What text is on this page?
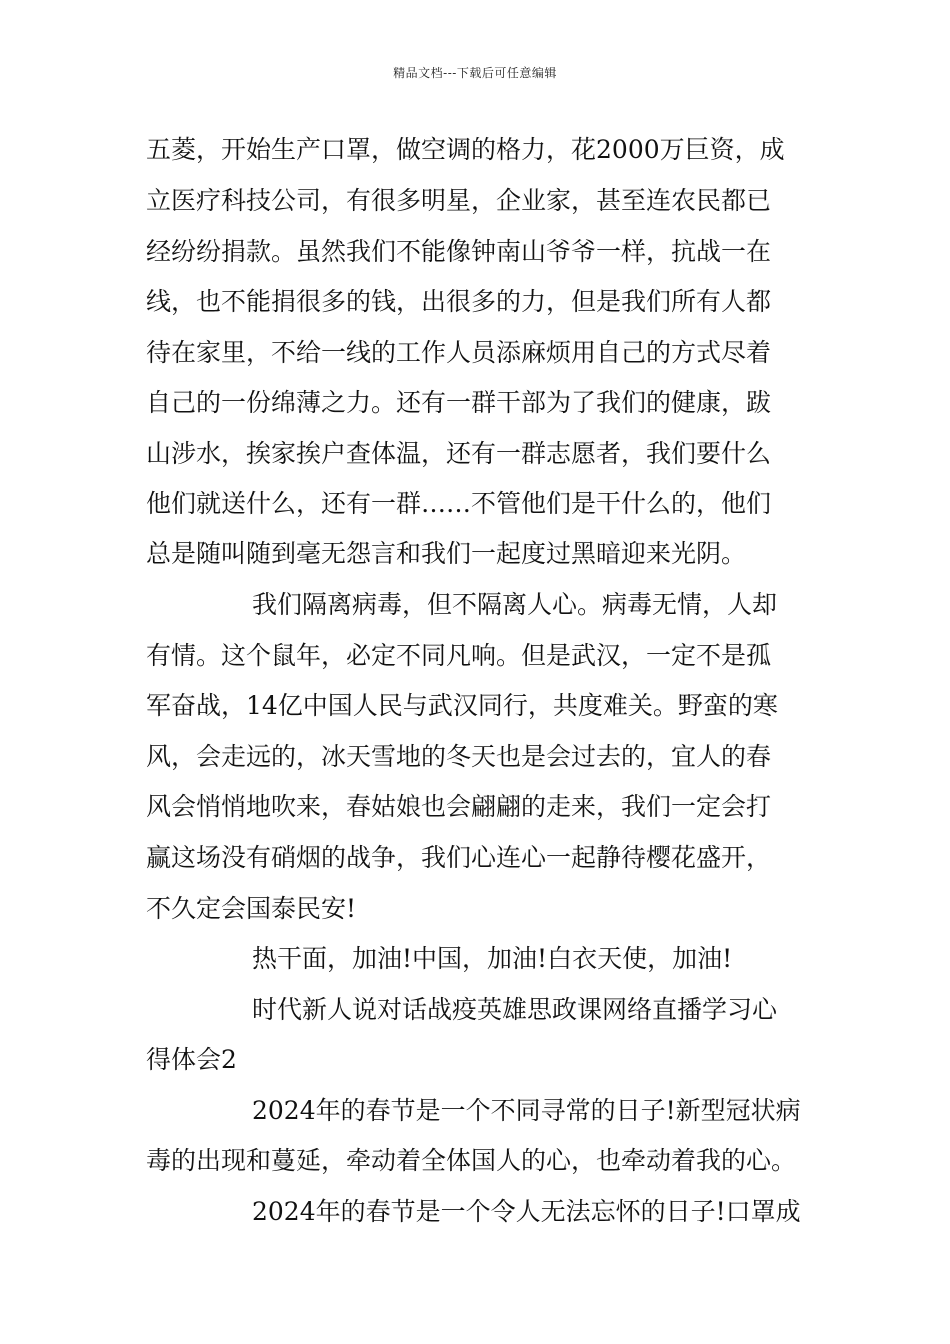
精品文档---下载后可任意编辑
五菱，开始生产口罩，做空调的格力，花2000万巨资，成
立医疗科技公司，有很多明星，企业家，甚至连农民都已
经纷纷捐款。虽然我们不能像钟南山爷爷一样，抗战一在
线，也不能捐很多的钱，出很多的力，但是我们所有人都
待在家里，不给一线的工作人员添麻烦用自己的方式尽着
自己的一份绵薄之力。还有一群干部为了我们的健康，跋
山涉水，挨家挨户查体温，还有一群志愿者，我们要什么
他们就送什么，还有一群……不管他们是干什么的，他们
总是随叫随到毫无怨言和我们一起度过黑暗迎来光阴。
我们隔离病毒，但不隔离人心。病毒无情，人却
有情。这个鼠年，必定不同凡响。但是武汉，一定不是孤
军奋战，14亿中国人民与武汉同行，共度难关。野蛮的寒
风，会走远的，冰天雪地的冬天也是会过去的，宜人的春
风会悄悄地吹来，春姑娘也会翩翩的走来，我们一定会打
赢这场没有硝烟的战争，我们心连心一起静待樱花盛开，
不久定会国泰民安!
热干面，加油!中国，加油!白衣天使，加油!
时代新人说对话战疫英雄思政课网络直播学习心
得体会2
2024年的春节是一个不同寻常的日子!新型冠状病
毒的出现和蔓延，牵动着全体国人的心，也牵动着我的心。
2024年的春节是一个令人无法忘怀的日子!口罩成
